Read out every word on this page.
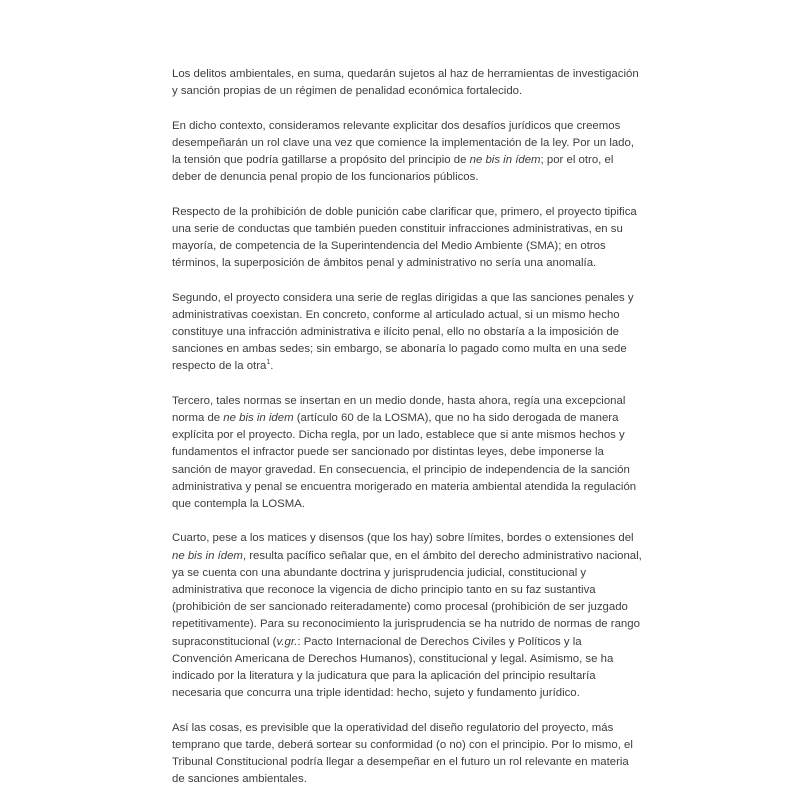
Los delitos ambientales, en suma, quedarán sujetos al haz de herramientas de investigación y sanción propias de un régimen de penalidad económica fortalecido.

En dicho contexto, consideramos relevante explicitar dos desafíos jurídicos que creemos desempeñarán un rol clave una vez que comience la implementación de la ley. Por un lado, la tensión que podría gatillarse a propósito del principio de ne bis in ídem; por el otro, el deber de denuncia penal propio de los funcionarios públicos.

Respecto de la prohibición de doble punición cabe clarificar que, primero, el proyecto tipifica una serie de conductas que también pueden constituir infracciones administrativas, en su mayoría, de competencia de la Superintendencia del Medio Ambiente (SMA); en otros términos, la superposición de ámbitos penal y administrativo no sería una anomalía.

Segundo, el proyecto considera una serie de reglas dirigidas a que las sanciones penales y administrativas coexistan. En concreto, conforme al articulado actual, si un mismo hecho constituye una infracción administrativa e ilícito penal, ello no obstaría a la imposición de sanciones en ambas sedes; sin embargo, se abonaría lo pagado como multa en una sede respecto de la otra$^1$.

Tercero, tales normas se insertan en un medio donde, hasta ahora, regía una excepcional norma de ne bis in idem (artículo 60 de la LOSMA), que no ha sido derogada de manera explícita por el proyecto. Dicha regla, por un lado, establece que si ante mismos hechos y fundamentos el infractor puede ser sancionado por distintas leyes, debe imponerse la sanción de mayor gravedad. En consecuencia, el principio de independencia de la sanción administrativa y penal se encuentra morigerado en materia ambiental atendida la regulación que contempla la LOSMA.

Cuarto, pese a los matices y disensos (que los hay) sobre límites, bordes o extensiones del ne bis in ídem, resulta pacífico señalar que, en el ámbito del derecho administrativo nacional, ya se cuenta con una abundante doctrina y jurisprudencia judicial, constitucional y administrativa que reconoce la vigencia de dicho principio tanto en su faz sustantiva (prohibición de ser sancionado reiteradamente) como procesal (prohibición de ser juzgado repetitivamente). Para su reconocimiento la jurisprudencia se ha nutrido de normas de rango supraconstitucional (v.gr.: Pacto Internacional de Derechos Civiles y Políticos y la Convención Americana de Derechos Humanos), constitucional y legal. Asimismo, se ha indicado por la literatura y la judicatura que para la aplicación del principio resultaría necesaria que concurra una triple identidad: hecho, sujeto y fundamento jurídico.

Así las cosas, es previsible que la operatividad del diseño regulatorio del proyecto, más temprano que tarde, deberá sortear su conformidad (o no) con el principio. Por lo mismo, el Tribunal Constitucional podría llegar a desempeñar en el futuro un rol relevante en materia de sanciones ambientales.
